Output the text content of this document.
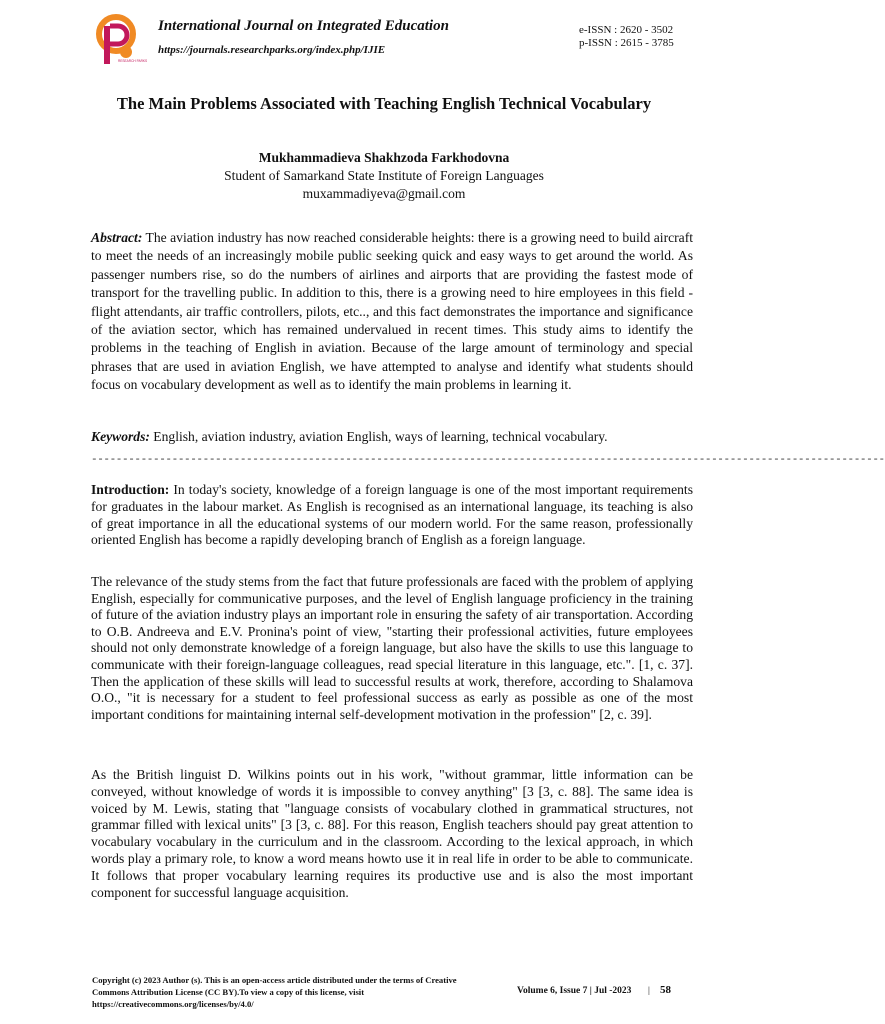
RESEARCH PARKS
International Journal on Integrated Education
https://journals.researchparks.org/index.php/IJIE
e-ISSN : 2620 - 3502
p-ISSN : 2615 - 3785
The Main Problems Associated with Teaching English Technical Vocabulary
Mukhammadieva Shakhzoda Farkhodovna
Student of Samarkand State Institute of Foreign Languages
muxammadiyeva@gmail.com
Abstract: The aviation industry has now reached considerable heights: there is a growing need to build aircraft to meet the needs of an increasingly mobile public seeking quick and easy ways to get around the world. As passenger numbers rise, so do the numbers of airlines and airports that are providing the fastest mode of transport for the travelling public. In addition to this, there is a growing need to hire employees in this field - flight attendants, air traffic controllers, pilots, etc.., and this fact demonstrates the importance and significance of the aviation sector, which has remained undervalued in recent times. This study aims to identify the problems in the teaching of English in aviation. Because of the large amount of terminology and special phrases that are used in aviation English, we have attempted to analyse and identify what students should focus on vocabulary development as well as to identify the main problems in learning it.
Keywords: English, aviation industry, aviation English, ways of learning, technical vocabulary.
--------------------------------------------------------------------------------------------------------------------------------
Introduction: In today's society, knowledge of a foreign language is one of the most important requirements for graduates in the labour market. As English is recognised as an international language, its teaching is also of great importance in all the educational systems of our modern world. For the same reason, professionally oriented English has become a rapidly developing branch of English as a foreign language.
The relevance of the study stems from the fact that future professionals are faced with the problem of applying English, especially for communicative purposes, and the level of English language proficiency in the training of future of the aviation industry plays an important role in ensuring the safety of air transportation. According to O.B. Andreeva and E.V. Pronina's point of view, "starting their professional activities, future employees should not only demonstrate knowledge of a foreign language, but also have the skills to use this language to communicate with their foreign-language colleagues, read special literature in this language, etc.". [1, c. 37]. Then the application of these skills will lead to successful results at work, therefore, according to Shalamova O.O., "it is necessary for a student to feel professional success as early as possible as one of the most important conditions for maintaining internal self-development motivation in the profession" [2, c. 39].
As the British linguist D. Wilkins points out in his work, "without grammar, little information can be conveyed, without knowledge of words it is impossible to convey anything" [3 [3, c. 88]. The same idea is voiced by M. Lewis, stating that "language consists of vocabulary clothed in grammatical structures, not grammar filled with lexical units" [3 [3, c. 88]. For this reason, English teachers should pay great attention to vocabulary vocabulary in the curriculum and in the classroom. According to the lexical approach, in which words play a primary role, to know a word means howto use it in real life in order to be able to communicate. It follows that proper vocabulary learning requires its productive use and is also the most important component for successful language acquisition.
Copyright (c) 2023 Author (s). This is an open-access article distributed under the terms of Creative Commons Attribution License (CC BY).To view a copy of this license, visit https://creativecommons.org/licenses/by/4.0/
Volume 6, Issue 7 | Jul -2023 | 58
